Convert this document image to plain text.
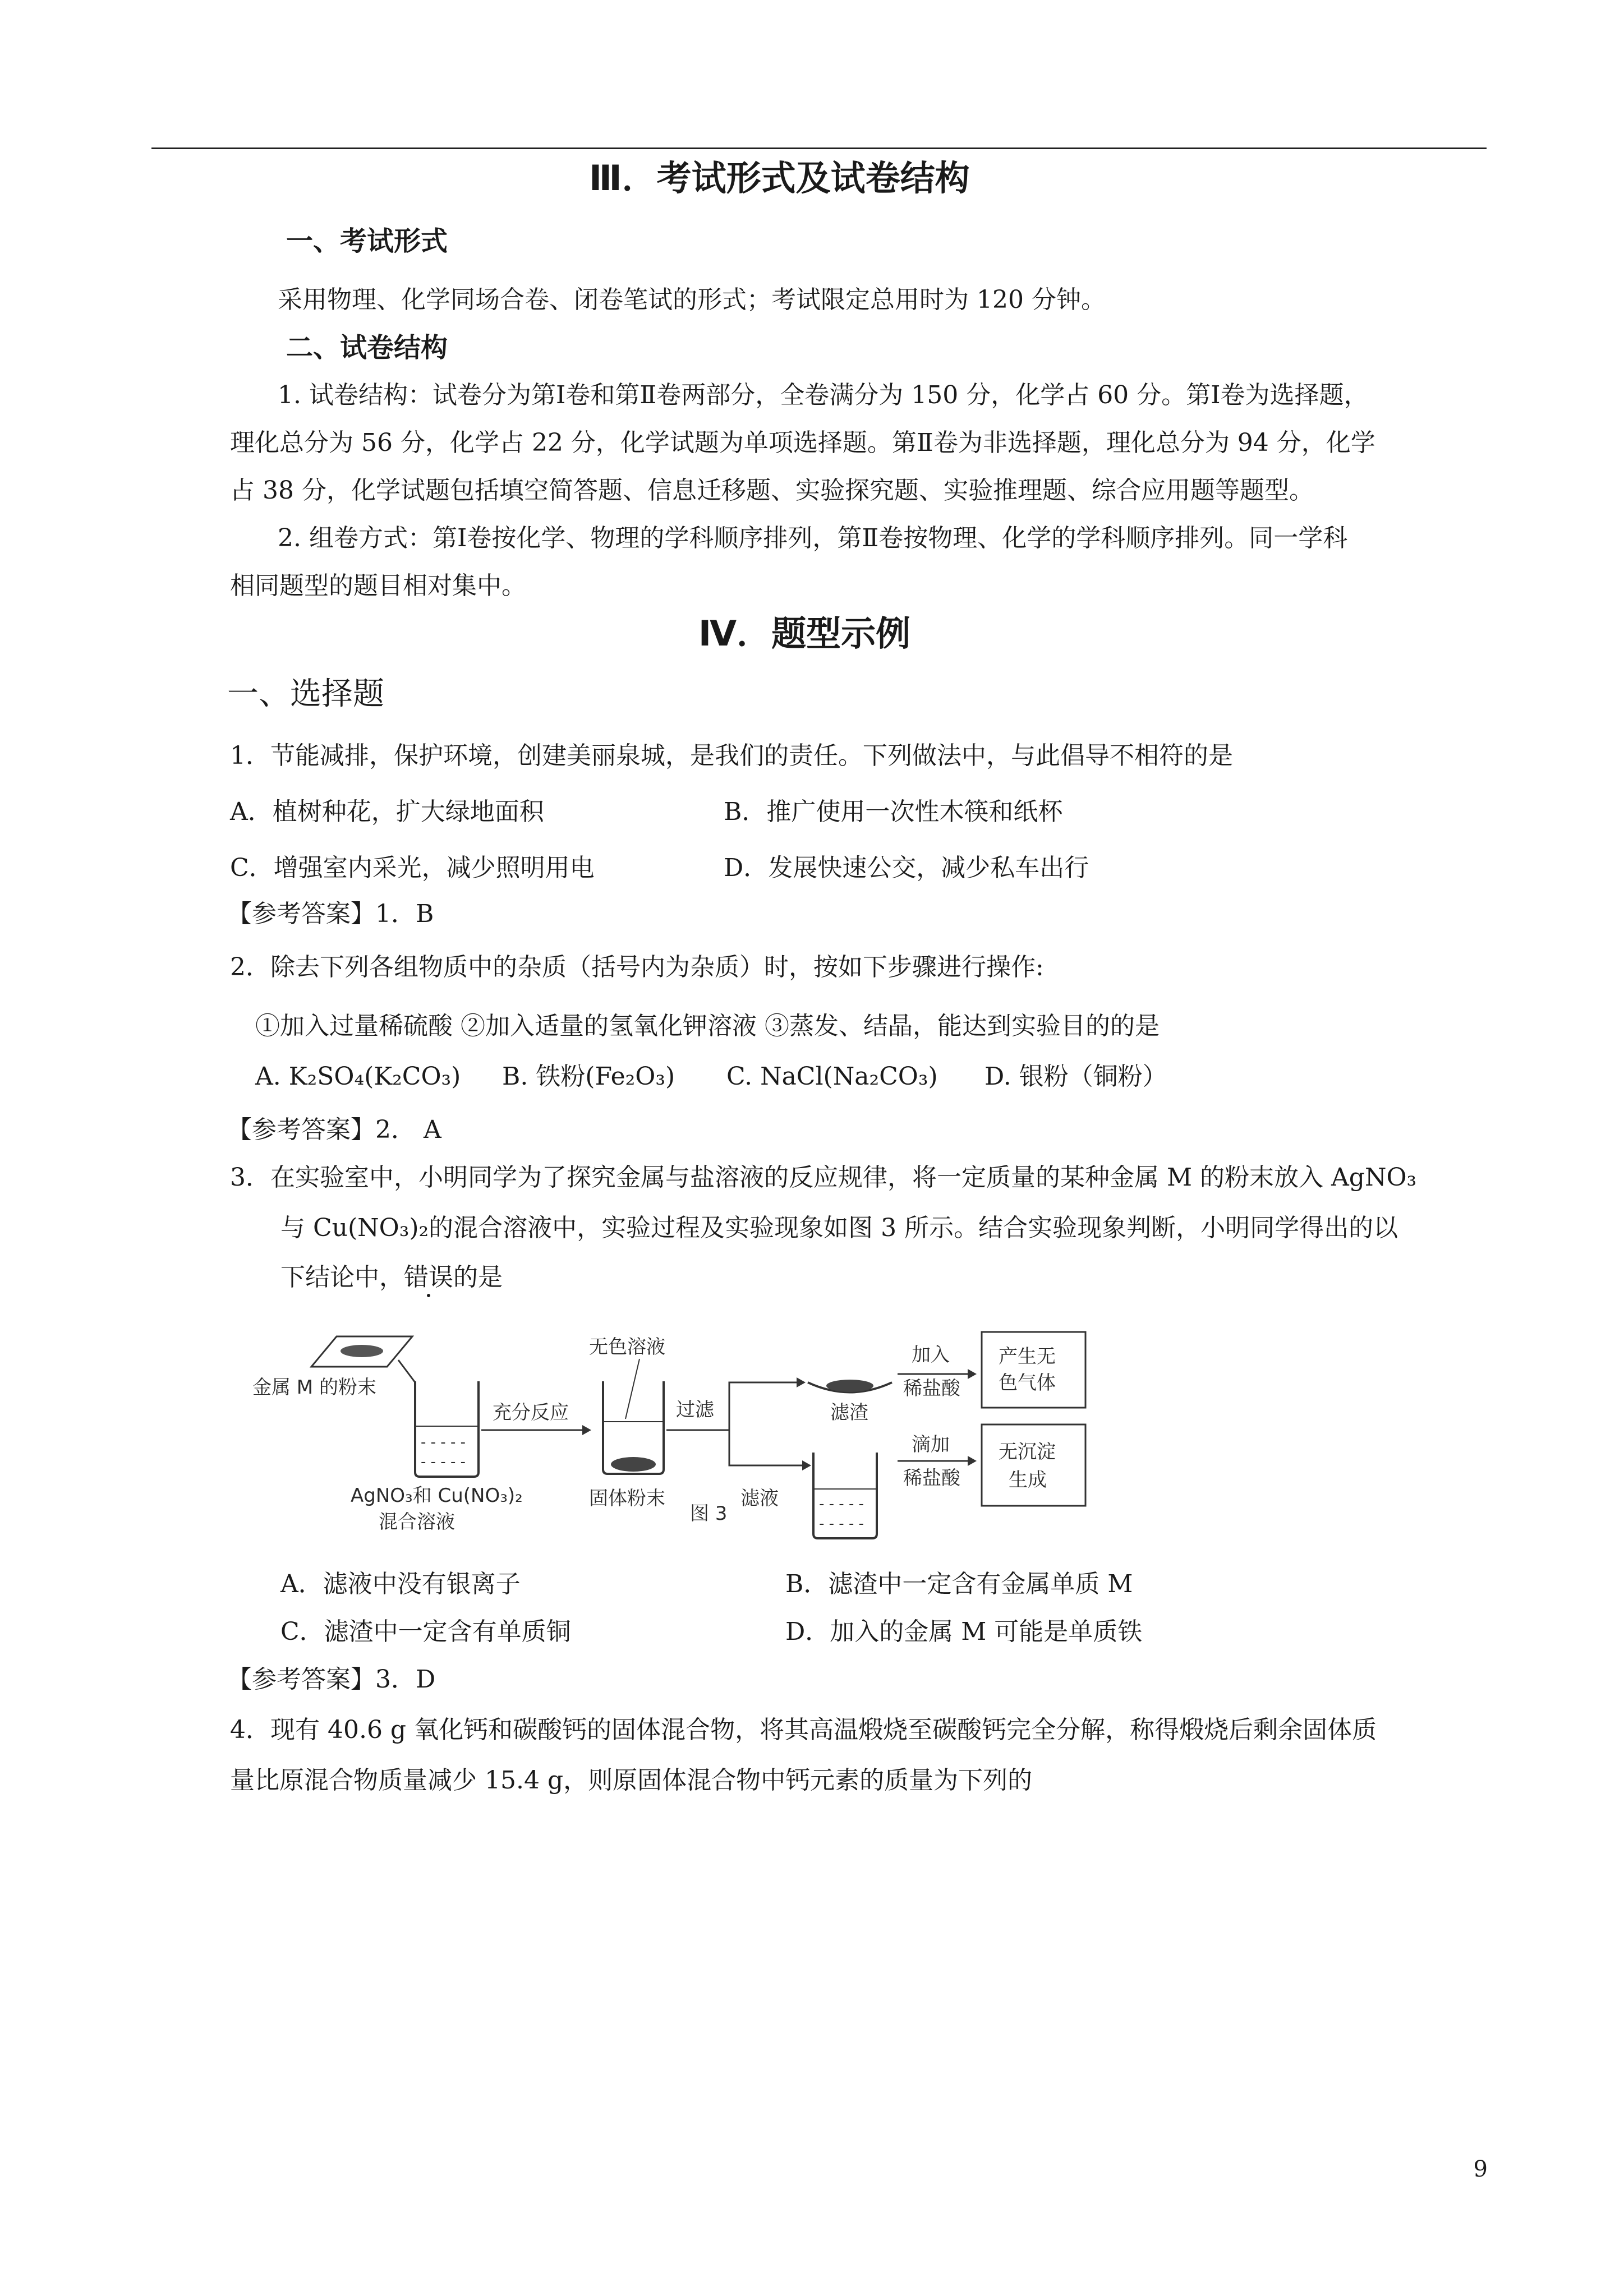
Ⅲ．考试形式及试卷结构
一、考试形式
采用物理、化学同场合卷、闭卷笔试的形式；考试限定总用时为 120 分钟。
二、试卷结构
1. 试卷结构：试卷分为第Ⅰ卷和第Ⅱ卷两部分，全卷满分为 150 分，化学占 60 分。第Ⅰ卷为选择题，
理化总分为 56 分，化学占 22 分，化学试题为单项选择题。第Ⅱ卷为非选择题，理化总分为 94 分，化学
占 38 分，化学试题包括填空简答题、信息迁移题、实验探究题、实验推理题、综合应用题等题型。
2. 组卷方式：第Ⅰ卷按化学、物理的学科顺序排列，第Ⅱ卷按物理、化学的学科顺序排列。同一学科
相同题型的题目相对集中。
Ⅳ．题型示例
一、选择题
1．节能减排，保护环境，创建美丽泉城，是我们的责任。下列做法中，与此倡导不相符的是
A．植树种花，扩大绿地面积	B．推广使用一次性木筷和纸杯
C．增强室内采光，减少照明用电	D．发展快速公交，减少私车出行
【参考答案】1．B
2．除去下列各组物质中的杂质（括号内为杂质）时，按如下步骤进行操作:
①加入过量稀硫酸 ②加入适量的氢氧化钾溶液 ③蒸发、结晶，能达到实验目的的是
A. K₂SO₄(K₂CO₃) B. 铁粉(Fe₂O₃) C. NaCl(Na₂CO₃) D. 银粉（铜粉）
【参考答案】2． A
3．在实验室中，小明同学为了探究金属与盐溶液的反应规律，将一定质量的某种金属 M 的粉末放入 AgNO₃
与 Cu(NO₃)₂的混合溶液中，实验过程及实验现象如图 3 所示。结合实验现象判断，小明同学得出的以
下结论中，错误的是
金属 M 的粉末
- - - - -
- - - - -
AgNO₃和 Cu(NO₃)₂
混合溶液
充分反应
无色溶液
固体粉末
过滤	滤渣
- - - - -
- - - - -
滤液
加入
稀盐酸
滴加
稀盐酸
产生无
色气体
无沉淀
生成
图 3
A．滤液中没有银离子	B．滤渣中一定含有金属单质 M
C．滤渣中一定含有单质铜	D．加入的金属 M 可能是单质铁
【参考答案】3．D
4．现有 40.6 g 氧化钙和碳酸钙的固体混合物，将其高温煅烧至碳酸钙完全分解，称得煅烧后剩余固体质
量比原混合物质量减少 15.4 g，则原固体混合物中钙元素的质量为下列的
9
